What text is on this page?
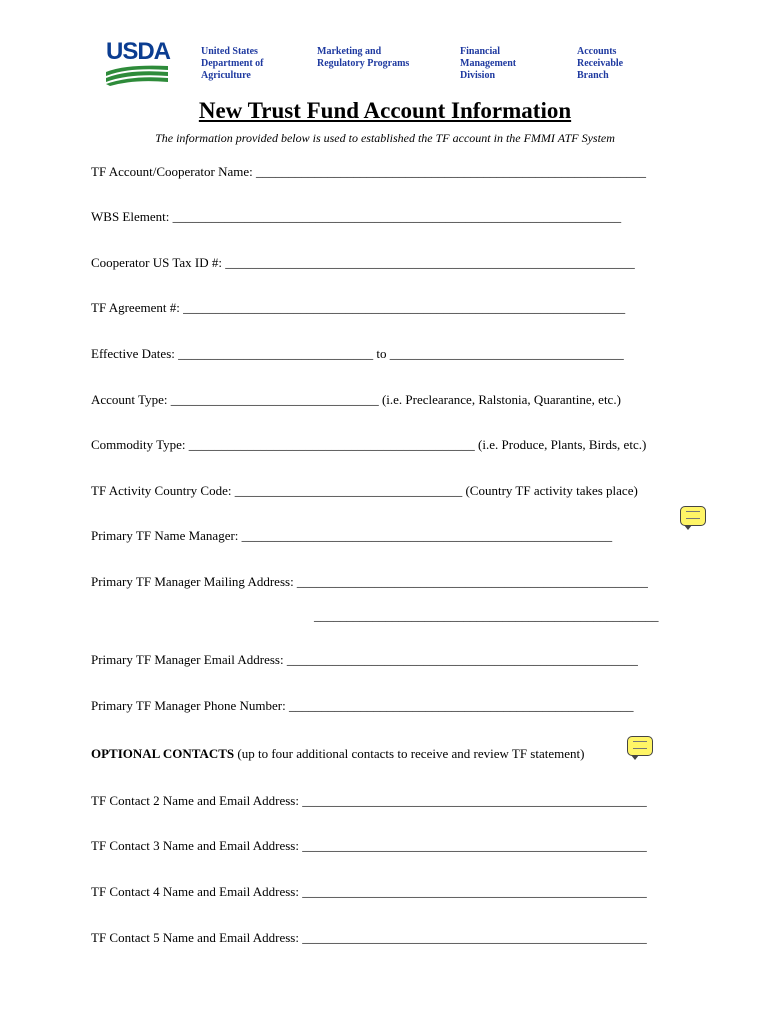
USDA	United States
Department of
Agriculture
Marketing and
Regulatory Programs
Financial
Management
Division
Accounts
Receivable
Branch
New Trust Fund Account Information
The information provided below is used to established the TF account in the FMMI ATF System
TF Account/Cooperator Name: ____________________________________________________________
WBS Element: _____________________________________________________________________
Cooperator US Tax ID #: _______________________________________________________________
TF Agreement #: ____________________________________________________________________
Effective Dates: ______________________________ to ____________________________________
Account Type: ________________________________ (i.e. Preclearance, Ralstonia, Quarantine, etc.)
Commodity Type: ____________________________________________ (i.e. Produce, Plants, Birds, etc.)
TF Activity Country Code: ___________________________________ (Country TF activity takes place)
Primary TF Name Manager: _________________________________________________________
Primary TF Manager Mailing Address: ______________________________________________________
_____________________________________________________
Primary TF Manager Email Address: ______________________________________________________
Primary TF Manager Phone Number: _____________________________________________________
OPTIONAL CONTACTS (up to four additional contacts to receive and review TF statement)
TF Contact 2 Name and Email Address: _____________________________________________________
TF Contact 3 Name and Email Address: _____________________________________________________
TF Contact 4 Name and Email Address: _____________________________________________________
TF Contact 5 Name and Email Address: _____________________________________________________
